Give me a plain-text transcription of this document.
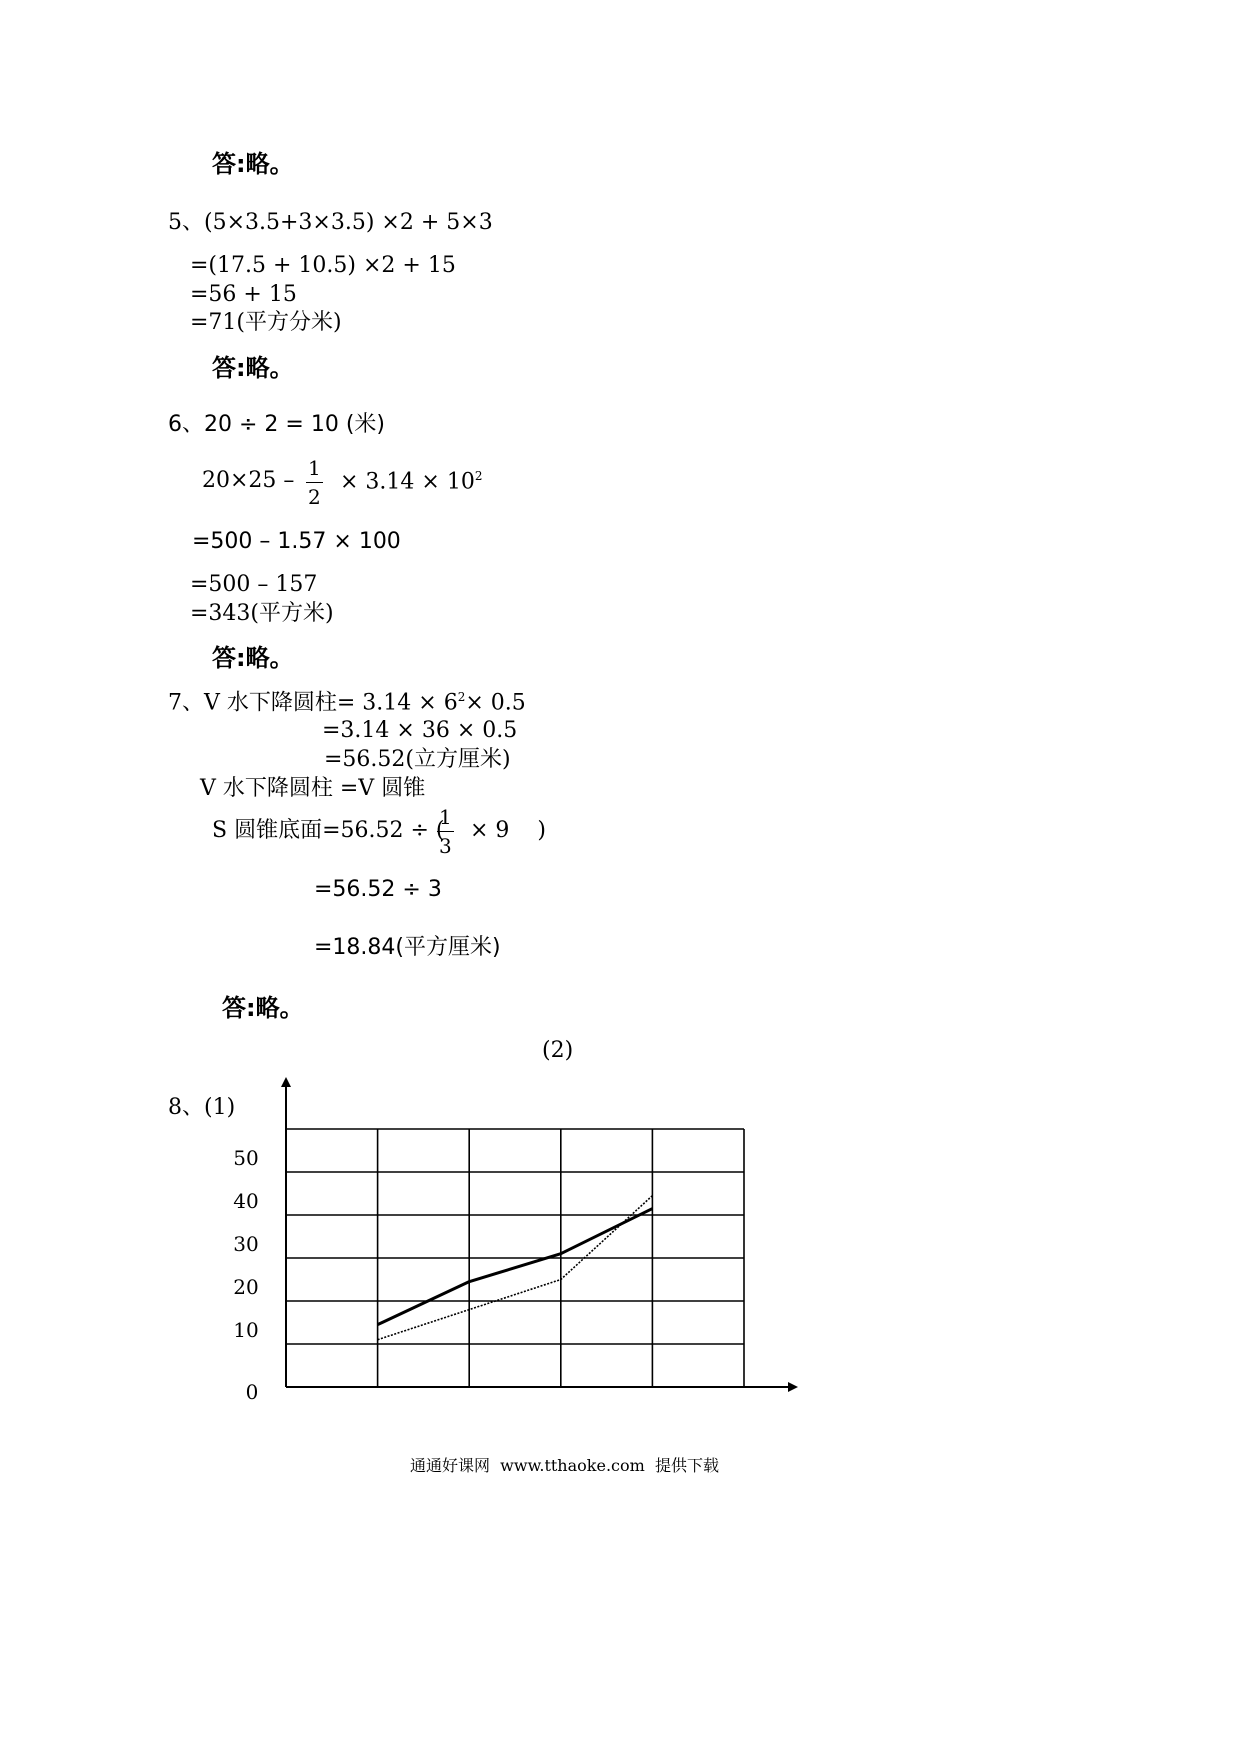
答:略。
5、(5×3.5+3×3.5) ×2 + 5×3
=(17.5 + 10.5) ×2 + 15
=56 + 15
=71(平方分米)
答:略。
6、20 ÷ 2 = 10 (米)
$20\times 25 - \frac{1}{2} \times 3.14 \times 10^2$
=500 – 1.57 × 100
=500 – 157
=343(平方米)
答:略。
7、V 水下降圆柱= $3.14 \times 6^2\times 0.5$
=3.14 × 36 × 0.5
=56.52(立方厘米)
V 水下降圆柱 =V 圆锥
S 圆锥底面=56.52 ÷ (
$\frac{1}{3} \times 9$    )
=56.52 ÷ 3
=18.84(平方厘米)
答:略。
(2)
8、(1)
0
10
20
30
40
50
通通好课网  www.tthaoke.com  提供下载
